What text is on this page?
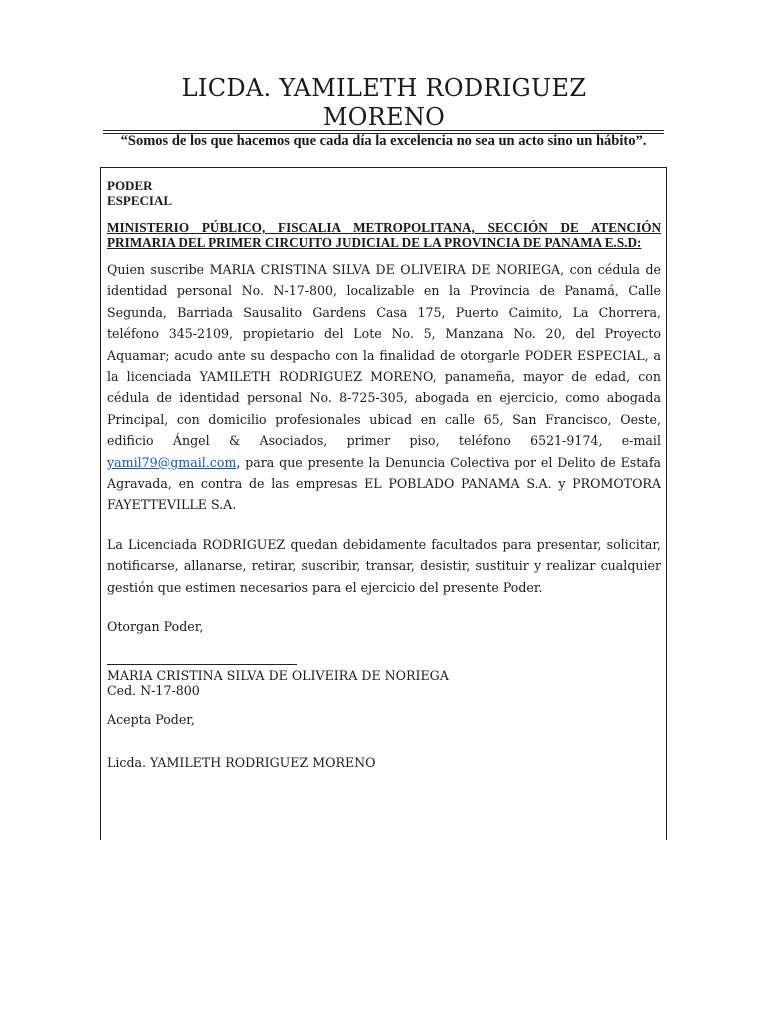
LICDA. YAMILETH RODRIGUEZ
MORENO
“Somos de los que hacemos que cada día la excelencia no sea un acto sino un hábito”.
PODER
ESPECIAL
MINISTERIO PÚBLICO, FISCALIA METROPOLITANA, SECCIÓN DE ATENCIÓN PRIMARIA DEL PRIMER CIRCUITO JUDICIAL DE LA PROVINCIA DE PANAMA E.S.D:

Quien suscribe MARIA CRISTINA SILVA DE OLIVEIRA DE NORIEGA, con cédula de identidad personal No. N-17-800, localizable en la Provincia de Panamá, Calle Segunda, Barriada Sausalito Gardens Casa 175, Puerto Caimito, La Chorrera, teléfono 345-2109, propietario del Lote No. 5, Manzana No. 20, del Proyecto Aquamar; acudo ante su despacho con la finalidad de otorgarle PODER ESPECIAL, a la licenciada YAMILETH RODRIGUEZ MORENO, panameña, mayor de edad, con cédula de identidad personal No. 8-725-305, abogada en ejercicio, como abogada Principal, con domicilio profesionales ubicad en calle 65, San Francisco, Oeste, edificio Ángel & Asociados, primer piso, teléfono 6521-9174, e-mail yamil79@gmail.com, para que presente la Denuncia Colectiva por el Delito de Estafa Agravada, en contra de las empresas EL POBLADO PANAMA S.A. y PROMOTORA FAYETTEVILLE S.A.

La Licenciada RODRIGUEZ quedan debidamente facultados para presentar, solicitar, notificarse, allanarse, retirar, suscribir, transar, desistir, sustituir y realizar cualquier gestión que estimen necesarios para el ejercicio del presente Poder.

Otorgan Poder,

MARIA CRISTINA SILVA DE OLIVEIRA DE NORIEGA
Ced. N-17-800
Acepta Poder,
Licda. YAMILETH RODRIGUEZ MORENO
